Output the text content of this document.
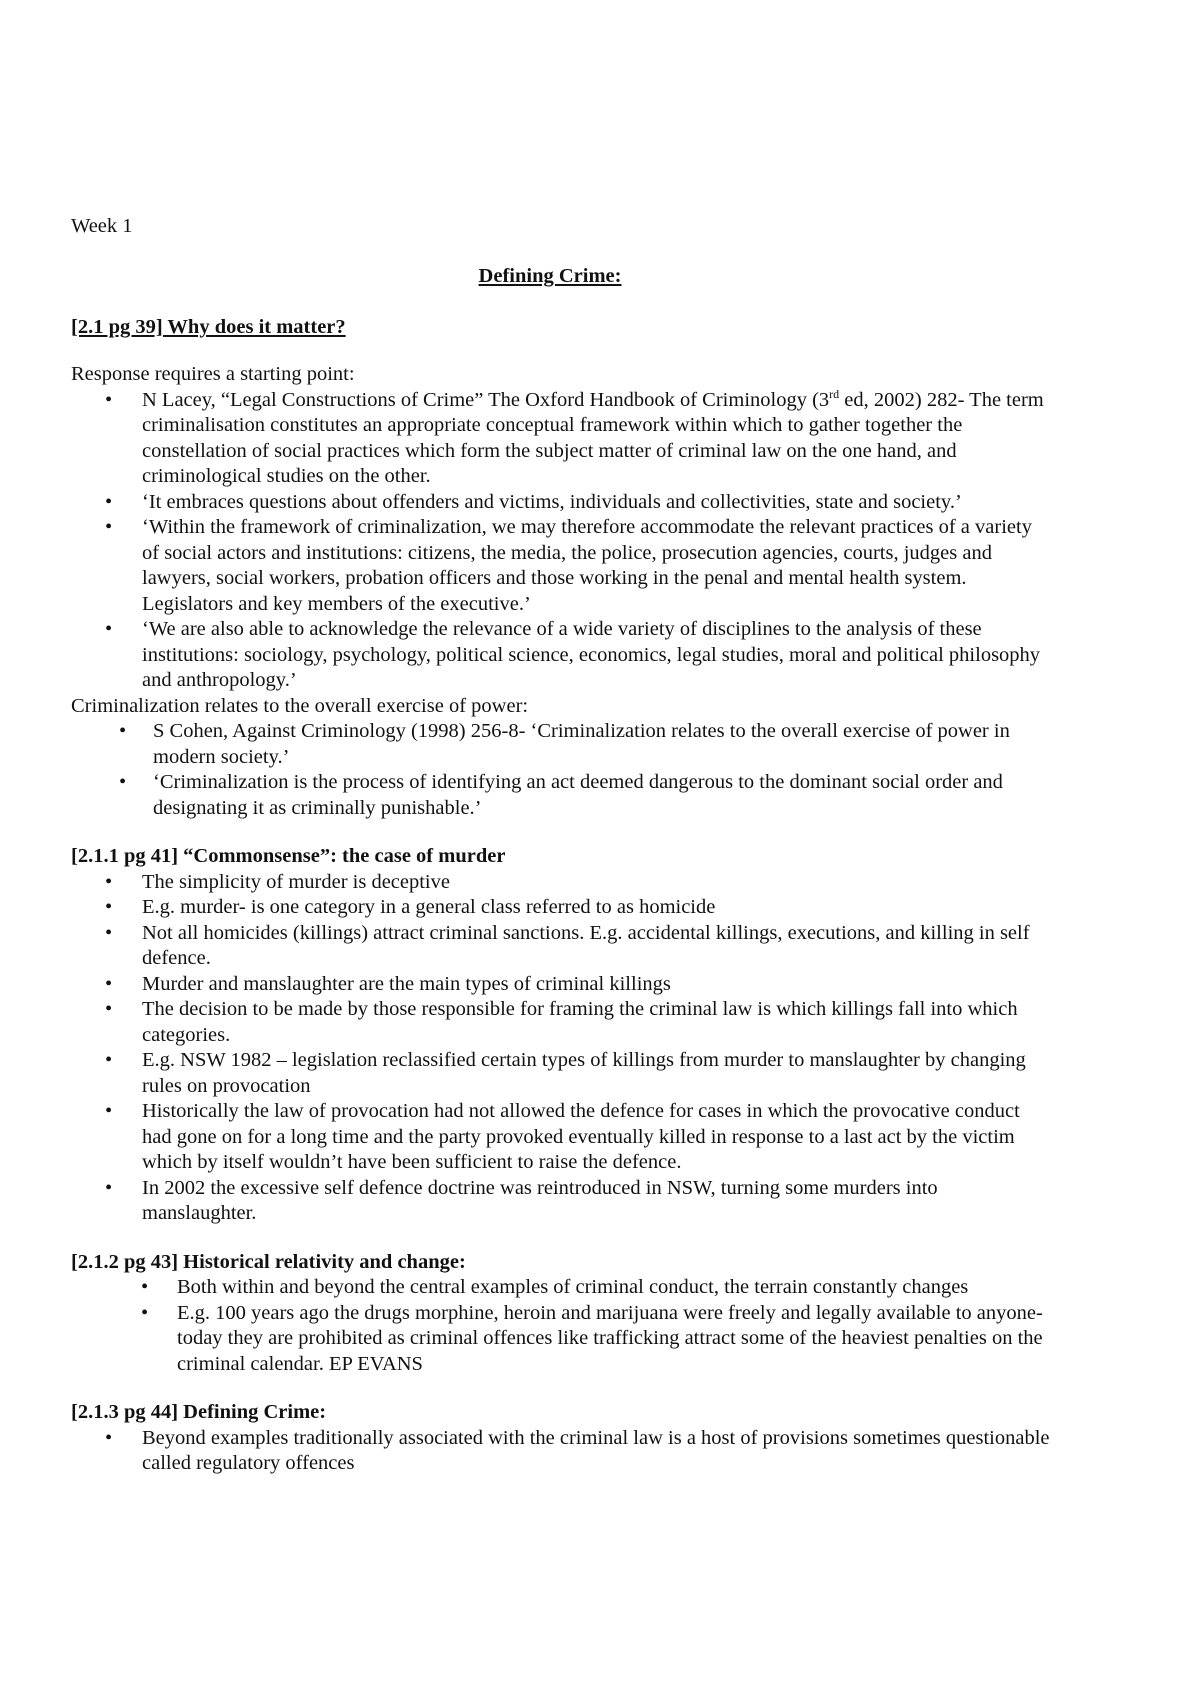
Week 1
Defining Crime:
[2.1 pg 39] Why does it matter?

Response requires a starting point:

• N Lacey, “Legal Constructions of Crime” The Oxford Handbook of Criminology (3rd ed, 2002) 282- The term criminalisation constitutes an appropriate conceptual framework within which to gather together the constellation of social practices which form the subject matter of criminal law on the one hand, and criminological studies on the other.
• ‘It embraces questions about offenders and victims, individuals and collectivities, state and society.’
• ‘Within the framework of criminalization, we may therefore accommodate the relevant practices of a variety of social actors and institutions: citizens, the media, the police, prosecution agencies, courts, judges and lawyers, social workers, probation officers and those working in the penal and mental health system. Legislators and key members of the executive.’
• ‘We are also able to acknowledge the relevance of a wide variety of disciplines to the analysis of these institutions: sociology, psychology, political science, economics, legal studies, moral and political philosophy and anthropology.’

Criminalization relates to the overall exercise of power:

• S Cohen, Against Criminology (1998) 256-8- ‘Criminalization relates to the overall exercise of power in modern society.’
• ‘Criminalization is the process of identifying an act deemed dangerous to the dominant social order and designating it as criminally punishable.’

[2.1.1 pg 41] “Commonsense”: the case of murder

• The simplicity of murder is deceptive
• E.g. murder- is one category in a general class referred to as homicide
• Not all homicides (killings) attract criminal sanctions. E.g. accidental killings, executions, and killing in self defence.
• Murder and manslaughter are the main types of criminal killings
• The decision to be made by those responsible for framing the criminal law is which killings fall into which categories.
• E.g. NSW 1982 – legislation reclassified certain types of killings from murder to manslaughter by changing rules on provocation
• Historically the law of provocation had not allowed the defence for cases in which the provocative conduct had gone on for a long time and the party provoked eventually killed in response to a last act by the victim which by itself wouldn’t have been sufficient to raise the defence.
• In 2002 the excessive self defence doctrine was reintroduced in NSW, turning some murders into manslaughter.

[2.1.2 pg 43] Historical relativity and change:

• Both within and beyond the central examples of criminal conduct, the terrain constantly changes
• E.g. 100 years ago the drugs morphine, heroin and marijuana were freely and legally available to anyone- today they are prohibited as criminal offences like trafficking attract some of the heaviest penalties on the criminal calendar. EP EVANS

[2.1.3 pg 44] Defining Crime:

• Beyond examples traditionally associated with the criminal law is a host of provisions sometimes questionable called regulatory offences
